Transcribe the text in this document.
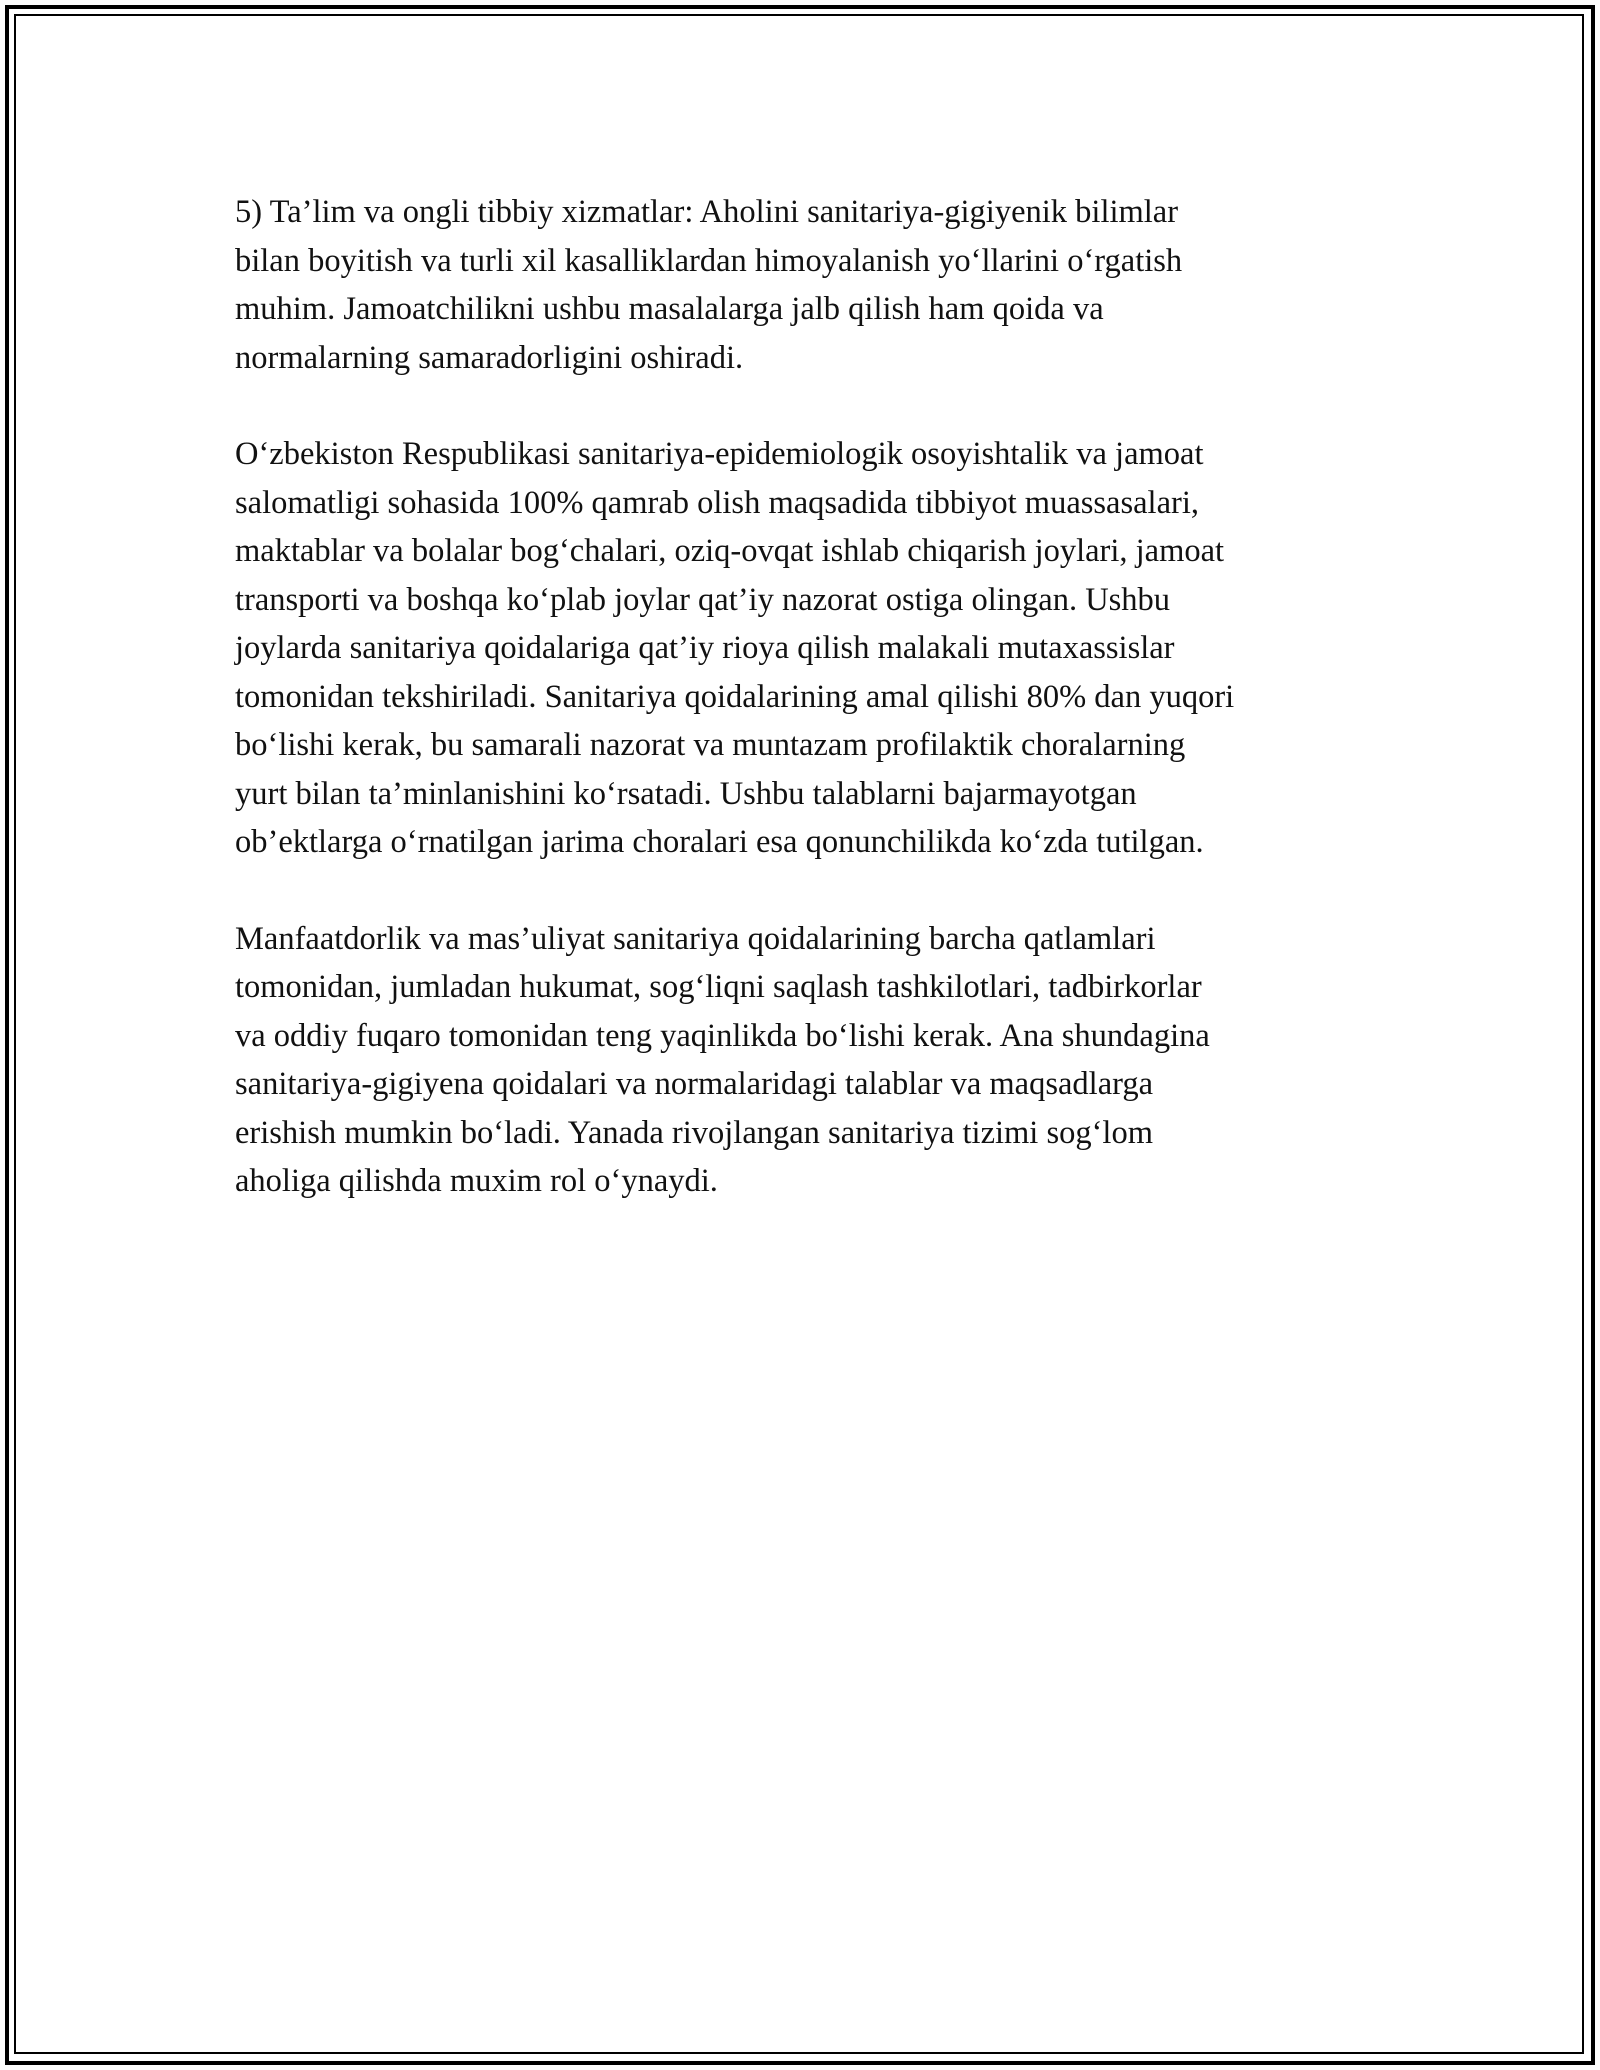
5) Ta’lim va ongli tibbiy xizmatlar: Aholini sanitariya-gigiyenik bilimlar
bilan boyitish va turli xil kasalliklardan himoyalanish yo‘llarini o‘rgatish
muhim. Jamoatchilikni ushbu masalalarga jalb qilish ham qoida va
normalarning samaradorligini oshiradi.

O‘zbekiston Respublikasi sanitariya-epidemiologik osoyishtalik va jamoat
salomatligi sohasida 100% qamrab olish maqsadida tibbiyot muassasalari,
maktablar va bolalar bog‘chalari, oziq-ovqat ishlab chiqarish joylari, jamoat
transporti va boshqa ko‘plab joylar qat’iy nazorat ostiga olingan. Ushbu
joylarda sanitariya qoidalariga qat’iy rioya qilish malakali mutaxassislar
tomonidan tekshiriladi. Sanitariya qoidalarining amal qilishi 80% dan yuqori
bo‘lishi kerak, bu samarali nazorat va muntazam profilaktik choralarning
yurt bilan ta’minlanishini ko‘rsatadi. Ushbu talablarni bajarmayotgan
ob’ektlarga o‘rnatilgan jarima choralari esa qonunchilikda ko‘zda tutilgan.

Manfaatdorlik va mas’uliyat sanitariya qoidalarining barcha qatlamlari
tomonidan, jumladan hukumat, sog‘liqni saqlash tashkilotlari, tadbirkorlar
va oddiy fuqaro tomonidan teng yaqinlikda bo‘lishi kerak. Ana shundagina
sanitariya-gigiyena qoidalari va normalaridagi talablar va maqsadlarga
erishish mumkin bo‘ladi. Yanada rivojlangan sanitariya tizimi sog‘lom
aholiga qilishda muxim rol o‘ynaydi.
